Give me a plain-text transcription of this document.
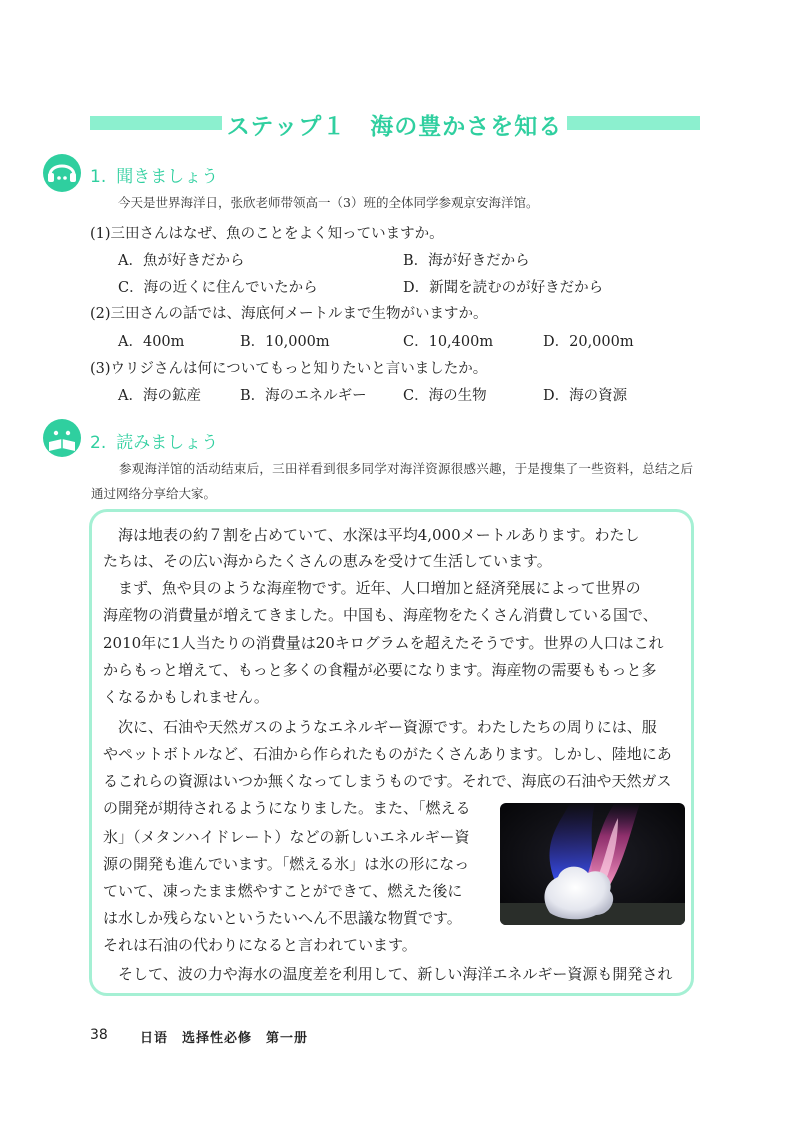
ステップ１　海の豊かさを知る
1. 聞きましょう
今天是世界海洋日，张欣老师带领高一（3）班的全体同学参观京安海洋馆。
(1)三田さんはなぜ、魚のことをよく知っていますか。
A．魚が好きだから	B．海が好きだから
C．海の近くに住んでいたから	D．新聞を読むのが好きだから
(2)三田さんの話では、海底何メートルまで生物がいますか。
A．400m	B．10,000m	C．10,400m	D．20,000m
(3)ウリジさんは何についてもっと知りたいと言いましたか。
A．海の鉱産	B．海のエネルギー	C．海の生物	D．海の資源
2. 読みましょう
参观海洋馆的活动结束后，三田祥看到很多同学对海洋资源很感兴趣，于是搜集了一些资料，总结之后通过网络分享给大家。
海は地表の約７割を占めていて、水深は平均4,000メートルあります。わたし
たちは、その広い海からたくさんの恵みを受けて生活しています。
まず、魚や貝のような海産物です。近年、人口増加と経済発展によって世界の
海産物の消費量が増えてきました。中国も、海産物をたくさん消費している国で、
2010年に1人当たりの消費量は20キログラムを超えたそうです。世界の人口はこれ
からもっと増えて、もっと多くの食糧が必要になります。海産物の需要ももっと多
くなるかもしれません。
次に、石油や天然ガスのようなエネルギー資源です。わたしたちの周りには、服
やペットボトルなど、石油から作られたものがたくさんあります。しかし、陸地にあ
るこれらの資源はいつか無くなってしまうものです。それで、海底の石油や天然ガス
の開発が期待されるようになりました。また、「燃える
氷」（メタンハイドレート）などの新しいエネルギー資
源の開発も進んでいます。「燃える氷」は氷の形になっ
ていて、凍ったまま燃やすことができて、燃えた後に
は水しか残らないというたいへん不思議な物質です。
それは石油の代わりになると言われています。
そして、波の力や海水の温度差を利用して、新しい海洋エネルギー資源も開発され
38 日语　选择性必修　第一册
